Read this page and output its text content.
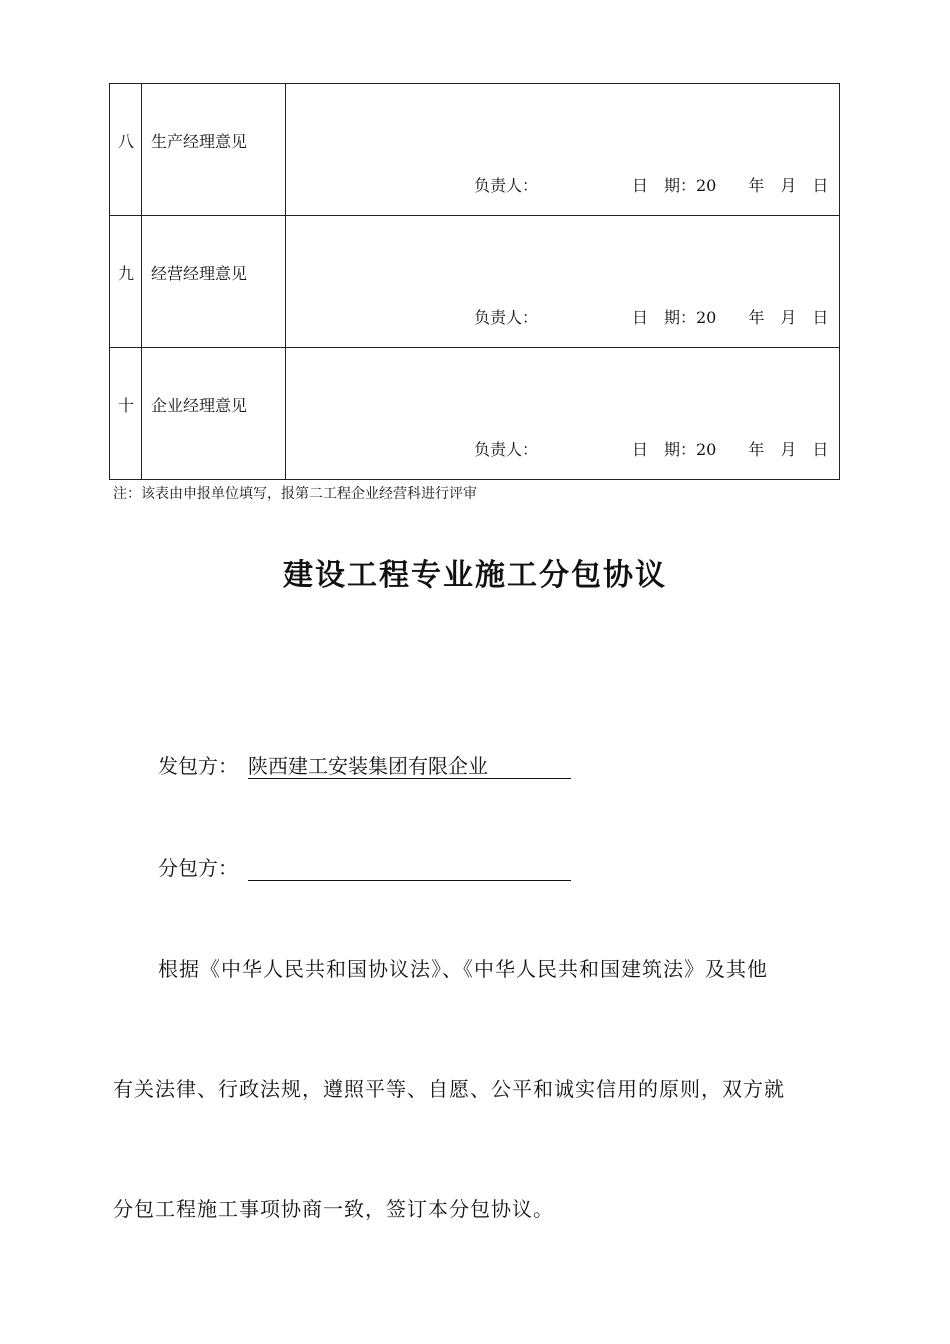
八	生产经理意见
负责人：	日　期：20　　年　月　日
九	经营经理意见
负责人：	日　期：20　　年　月　日
十	企业经理意见
负责人：	日　期：20　　年　月　日
注：该表由申报单位填写，报第二工程企业经营科进行评审
建设工程专业施工分包协议
发包方： 陕西建工安装集团有限企业
分包方：
根据《中华人民共和国协议法》、《中华人民共和国建筑法》及其他
有关法律、行政法规，遵照平等、自愿、公平和诚实信用的原则，双方就
分包工程施工事项协商一致，签订本分包协议。
